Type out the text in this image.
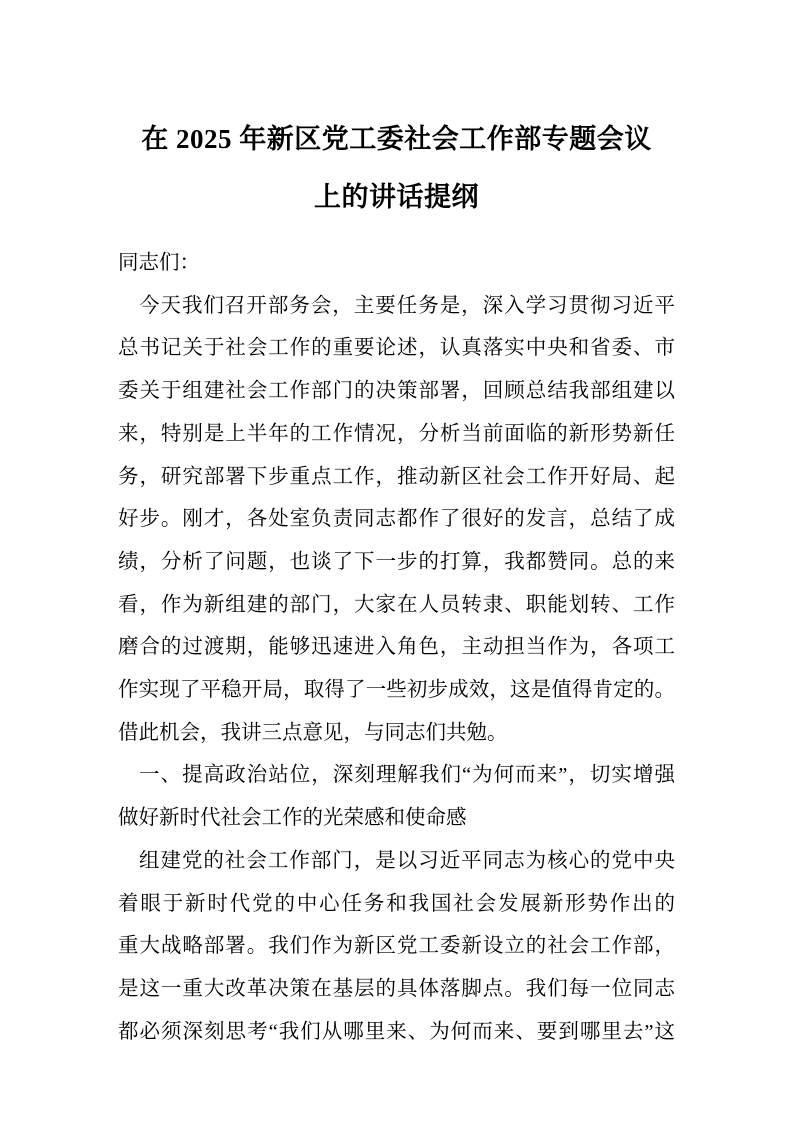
在 2025 年新区党工委社会工作部专题会议
上的讲话提纲
同志们：
今天我们召开部务会，主要任务是，深入学习贯彻习近平
总书记关于社会工作的重要论述，认真落实中央和省委、市
委关于组建社会工作部门的决策部署，回顾总结我部组建以
来，特别是上半年的工作情况，分析当前面临的新形势新任
务，研究部署下步重点工作，推动新区社会工作开好局、起
好步。刚才，各处室负责同志都作了很好的发言，总结了成
绩，分析了问题，也谈了下一步的打算，我都赞同。总的来
看，作为新组建的部门，大家在人员转隶、职能划转、工作
磨合的过渡期，能够迅速进入角色，主动担当作为，各项工
作实现了平稳开局，取得了一些初步成效，这是值得肯定的。
借此机会，我讲三点意见，与同志们共勉。
一、提高政治站位，深刻理解我们“为何而来”，切实增强
做好新时代社会工作的光荣感和使命感
组建党的社会工作部门，是以习近平同志为核心的党中央
着眼于新时代党的中心任务和我国社会发展新形势作出的
重大战略部署。我们作为新区党工委新设立的社会工作部，
是这一重大改革决策在基层的具体落脚点。我们每一位同志
都必须深刻思考“我们从哪里来、为何而来、要到哪里去”这
